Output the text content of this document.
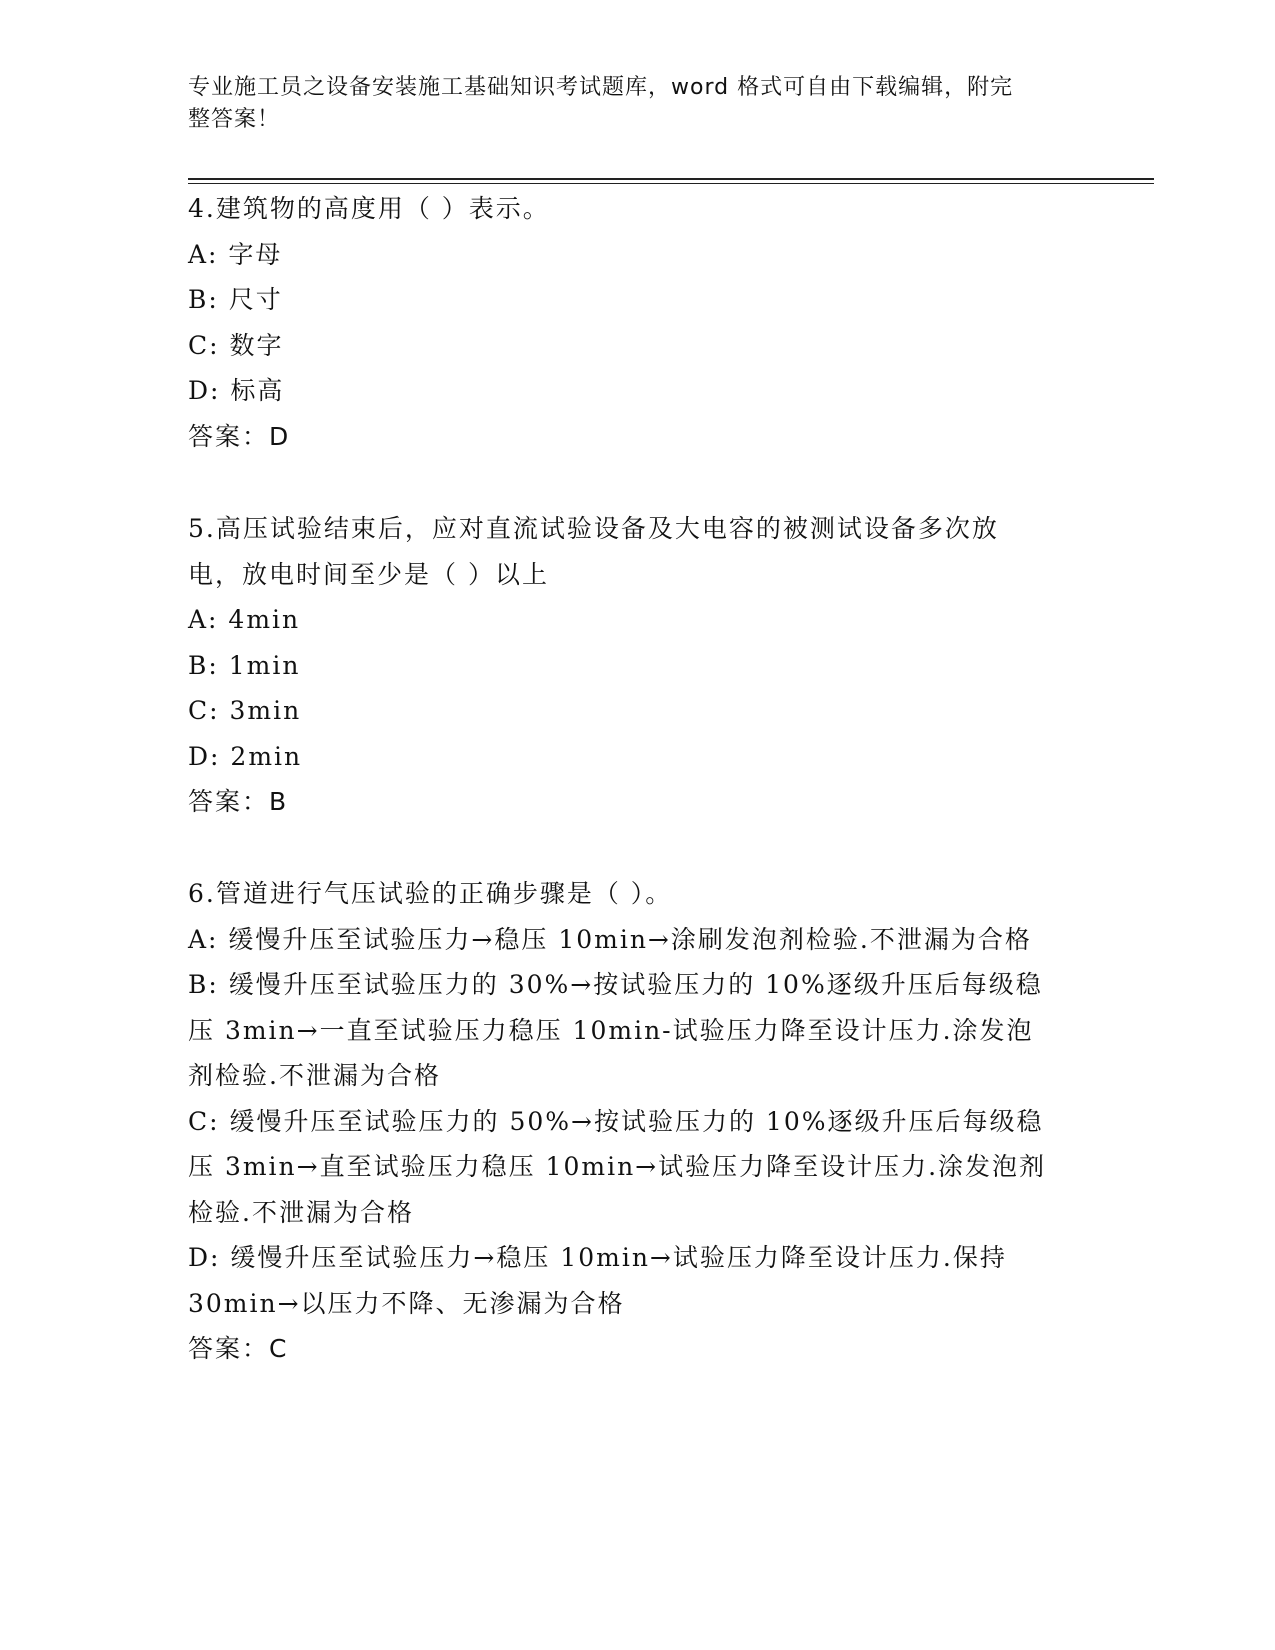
专业施工员之设备安装施工基础知识考试题库，word 格式可自由下载编辑，附完
整答案！
4.建筑物的高度用（ ）表示。
A: 字母
B: 尺寸
C: 数字
D: 标高
答案：D
5.高压试验结束后，应对直流试验设备及大电容的被测试设备多次放
电，放电时间至少是（ ）以上
A: 4min
B: 1min
C: 3min
D: 2min
答案：B
6.管道进行气压试验的正确步骤是（ ）。
A: 缓慢升压至试验压力→稳压 10min→涂刷发泡剂检验.不泄漏为合格
B: 缓慢升压至试验压力的 30%→按试验压力的 10%逐级升压后每级稳
压 3min→一直至试验压力稳压 10min-试验压力降至设计压力.涂发泡
剂检验.不泄漏为合格
C: 缓慢升压至试验压力的 50%→按试验压力的 10%逐级升压后每级稳
压 3min→直至试验压力稳压 10min→试验压力降至设计压力.涂发泡剂
检验.不泄漏为合格
D: 缓慢升压至试验压力→稳压 10min→试验压力降至设计压力.保持
30min→以压力不降、无渗漏为合格
答案：C
